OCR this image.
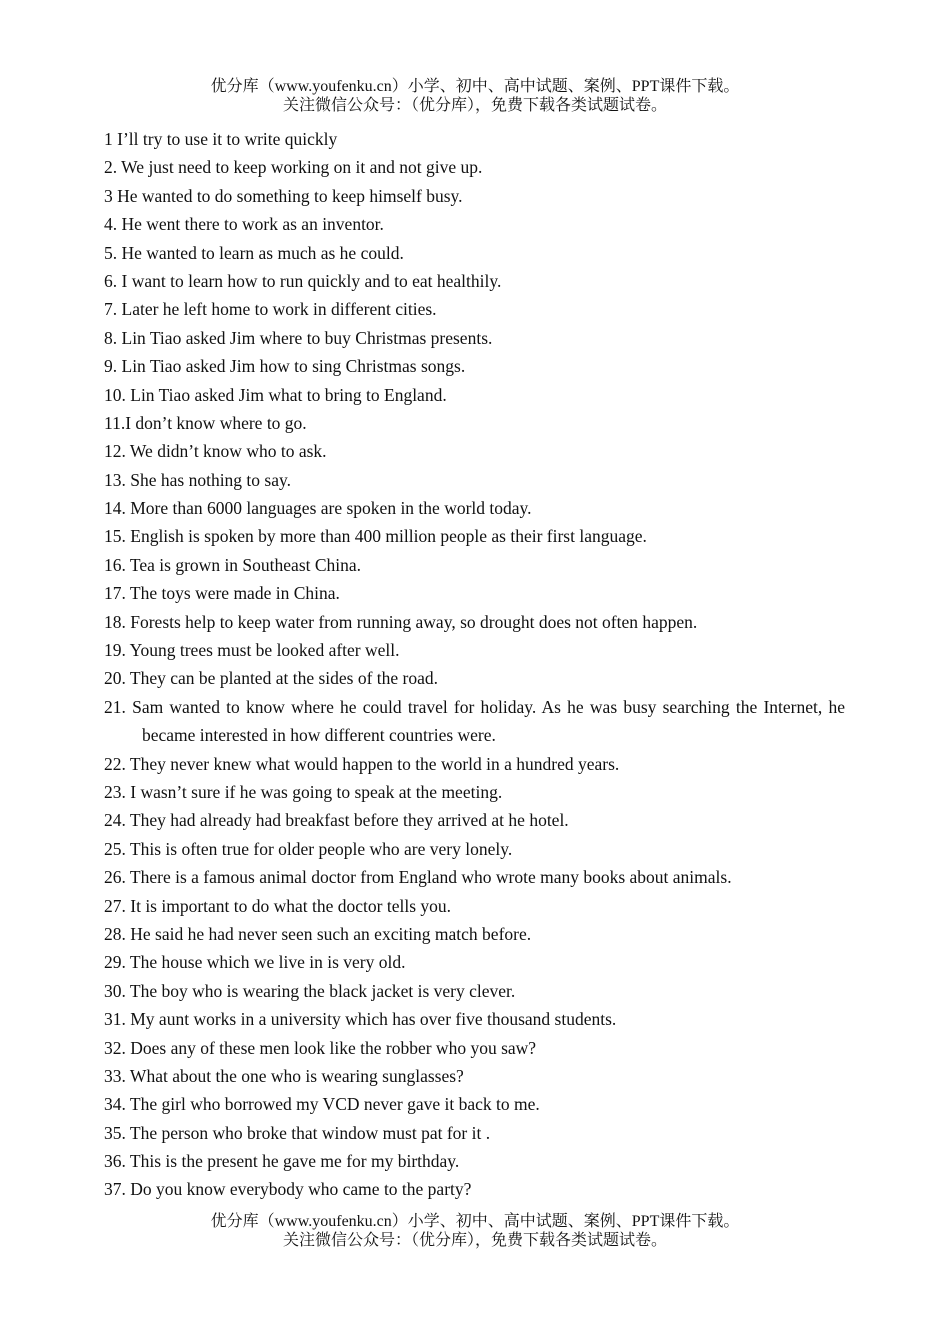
优分库（www.youfenku.cn）小学、初中、高中试题、案例、PPT课件下载。
关注微信公众号：（优分库），免费下载各类试题试卷。
1 I’ll try to use it to write quickly
2. We just need to keep working on it and not give up.
3 He wanted to do something to keep himself busy.
4. He went there to work as an inventor.
5. He wanted to learn as much as he could.
6. I want to learn how to run quickly and to eat healthily.
7. Later he left home to work in different cities.
8. Lin Tiao asked Jim where to buy Christmas presents.
9. Lin Tiao asked Jim how to sing Christmas songs.
10. Lin Tiao asked Jim what to bring to England.
11.I don’t know where to go.
12. We didn’t know who to ask.
13. She has nothing to say.
14. More than 6000 languages are spoken in the world today.
15. English is spoken by more than 400 million people as their first language.
16. Tea is grown in Southeast China.
17. The toys were made in China.
18. Forests help to keep water from running away, so drought does not often happen.
19. Young trees must be looked after well.
20. They can be planted at the sides of the road.
21. Sam wanted to know where he could travel for holiday. As he was busy searching the Internet, he became interested in how different countries were.
22. They never knew what would happen to the world in a hundred years.
23. I wasn’t sure if he was going to speak at the meeting.
24. They had already had breakfast before they arrived at he hotel.
25. This is often true for older people who are very lonely.
26. There is a famous animal doctor from England who wrote many books about animals.
27. It is important to do what the doctor tells you.
28. He said he had never seen such an exciting match before.
29. The house which we live in is very old.
30. The boy who is wearing the black jacket is very clever.
31. My aunt works in a university which has over five thousand students.
32. Does any of these men look like the robber who you saw?
33. What about the one who is wearing sunglasses?
34. The girl who borrowed my VCD never gave it back to me.
35. The person who broke that window must pat for it .
36. This is the present he gave me for my birthday.
37. Do you know everybody who came to the party?
优分库（www.youfenku.cn）小学、初中、高中试题、案例、PPT课件下载。
关注微信公众号：（优分库），免费下载各类试题试卷。
